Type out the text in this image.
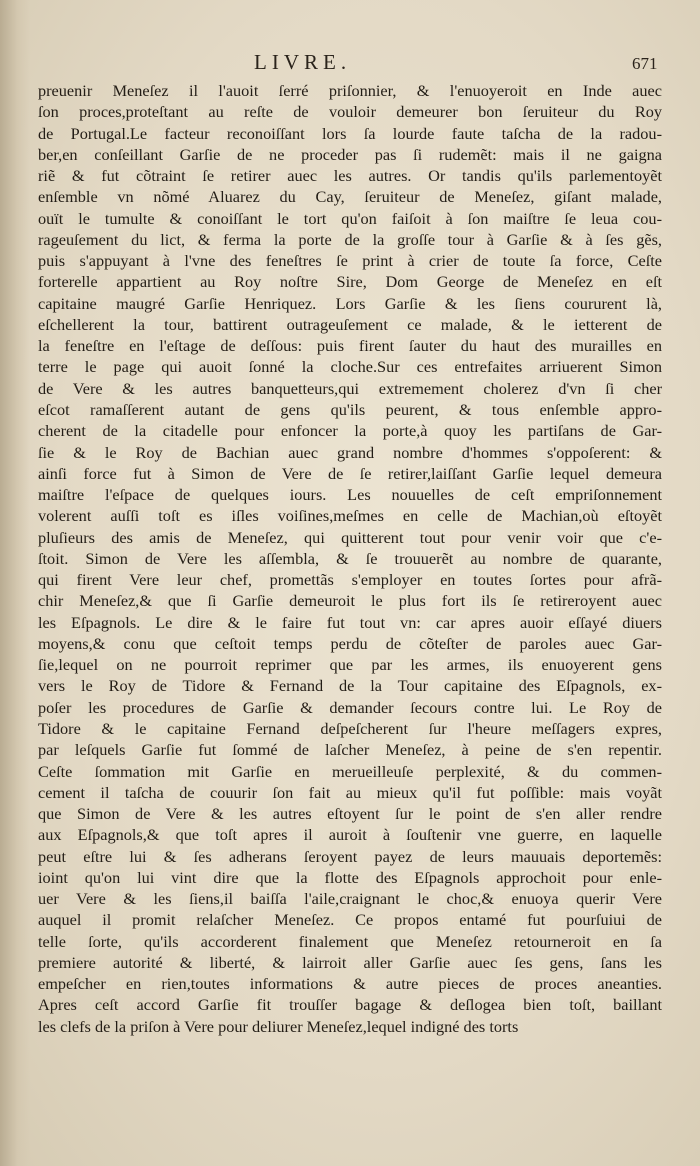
LIVRE.	671
preuenir Meneſez il l'auoit ſerré priſonnier, & l'enuoyeroit en Inde auec
ſon proces,proteſtant au reſte de vouloir demeurer bon ſeruiteur du Roy
de Portugal.Le facteur reconoiſſant lors ſa lourde faute taſcha de la radou-
ber,en conſeillant Garſie de ne proceder pas ſi rudemẽt: mais il ne gaigna
riẽ & fut cõtraint ſe retirer auec les autres. Or tandis qu'ils parlementoyẽt
enſemble vn nõmé Aluarez du Cay, ſeruiteur de Meneſez, giſant malade,
ouït le tumulte & conoiſſant le tort qu'on faiſoit à ſon maiſtre ſe leua cou-
rageuſement du lict, & ferma la porte de la groſſe tour à Garſie & à ſes gẽs,
puis s'appuyant à l'vne des feneſtres ſe print à crier de toute ſa force, Ceſte
forterelle appartient au Roy noſtre Sire, Dom George de Meneſez en eſt
capitaine maugré Garſie Henriquez. Lors Garſie & les ſiens coururent là,
eſchellerent la tour, battirent outrageuſement ce malade, & le ietterent de
la feneſtre en l'eſtage de deſſous: puis firent ſauter du haut des murailles en
terre le page qui auoit ſonné la cloche.Sur ces entrefaites arriuerent Simon
de Vere & les autres banquetteurs,qui extremement cholerez d'vn ſi cher
eſcot ramaſſerent autant de gens qu'ils peurent, & tous enſemble appro-
cherent de la citadelle pour enfoncer la porte,à quoy les partiſans de Gar-
ſie & le Roy de Bachian auec grand nombre d'hommes s'oppoſerent: &
ainſi force fut à Simon de Vere de ſe retirer,laiſſant Garſie lequel demeura
maiſtre l'eſpace de quelques iours. Les nouuelles de ceſt empriſonnement
volerent auſſi toſt es iſles voiſines,meſmes en celle de Machian,où eſtoyẽt
pluſieurs des amis de Meneſez, qui quitterent tout pour venir voir que c'e-
ſtoit. Simon de Vere les aſſembla, & ſe trouuerẽt au nombre de quarante,
qui firent Vere leur chef, promettãs s'employer en toutes ſortes pour afrã-
chir Meneſez,& que ſi Garſie demeuroit le plus fort ils ſe retireroyent auec
les Eſpagnols. Le dire & le faire fut tout vn: car apres auoir eſſayé diuers
moyens,& conu que ceſtoit temps perdu de cõteſter de paroles auec Gar-
ſie,lequel on ne pourroit reprimer que par les armes, ils enuoyerent gens
vers le Roy de Tidore & Fernand de la Tour capitaine des Eſpagnols, ex-
poſer les procedures de Garſie & demander ſecours contre lui. Le Roy de
Tidore & le capitaine Fernand deſpeſcherent ſur l'heure meſſagers expres,
par leſquels Garſie fut ſommé de laſcher Meneſez, à peine de s'en repentir.
Ceſte ſommation mit Garſie en merueilleuſe perplexité, & du commen-
cement il taſcha de couurir ſon fait au mieux qu'il fut poſſible: mais voyãt
que Simon de Vere & les autres eſtoyent ſur le point de s'en aller rendre
aux Eſpagnols,& que toſt apres il auroit à ſouſtenir vne guerre, en laquelle
peut eſtre lui & ſes adherans ſeroyent payez de leurs mauuais deportemẽs:
ioint qu'on lui vint dire que la flotte des Eſpagnols approchoit pour enle-
uer Vere & les ſiens,il baiſſa l'aile,craignant le choc,& enuoya querir Vere
auquel il promit relaſcher Meneſez. Ce propos entamé fut pourſuiui de
telle ſorte, qu'ils accorderent finalement que Meneſez retourneroit en ſa
premiere autorité & liberté, & lairroit aller Garſie auec ſes gens, ſans les
empeſcher en rien,toutes informations & autre pieces de proces aneanties.
Apres ceſt accord Garſie fit trouſſer bagage & deſlogea bien toſt, baillant
les clefs de la priſon à Vere pour deliurer Meneſez,lequel indigné des torts
